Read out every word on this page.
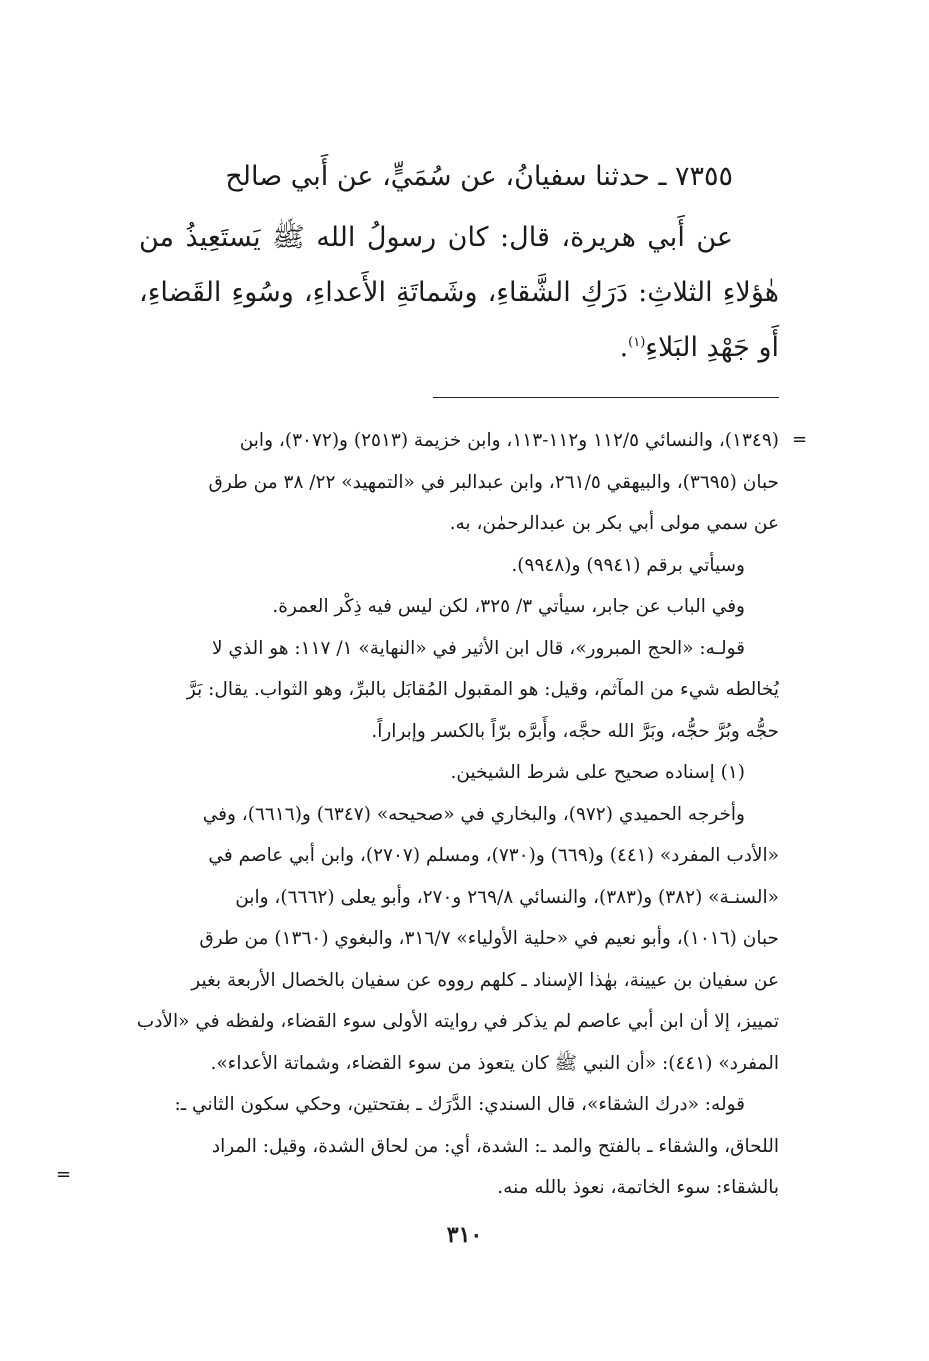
٧٣٥٥ ـ حدثنا سفيانُ، عن سُمَيٍّ، عن أَبي صالح

عن أَبي هريرة، قال: كان رسولُ الله ﷺ يَستَعِيذُ من هٰؤلاءِ الثلاثِ: دَرَكِ الشَّقاءِ، وشَماتَةِ الأَعداءِ، وسُوءِ القَضاءِ، أَو جَهْدِ البَلاءِ$^{(١)}$.

=

(١٣٤٩)، والنسائي ١١٢/٥ و١١٢-١١٣، وابن خزيمة (٢٥١٣) و(٣٠٧٢)، وابن

حبان (٣٦٩٥)، والبيهقي ٢٦١/٥، وابن عبدالبر في «التمهيد» ٢٢/ ٣٨ من طرق

عن سمي مولى أبي بكر بن عبدالرحمٰن، به.

وسيأتي برقم (٩٩٤١) و(٩٩٤٨).

وفي الباب عن جابر، سيأتي ٣/ ٣٢٥، لكن ليس فيه ذِكْر العمرة.

قولـه: «الحج المبرور»، قال ابن الأثير في «النهاية» ١/ ١١٧: هو الذي لا

يُخالطه شيء من المآثم، وقيل: هو المقبول المُقابَل بالبرِّ، وهو الثواب. يقال: بَرَّ

حجُّه وبُرَّ حجُّه، وبَرَّ الله حجَّه، وأَبرَّه برّاً بالكسر وإبراراً.

(١) إسناده صحيح على شرط الشيخين.

وأخرجه الحميدي (٩٧٢)، والبخاري في «صحيحه» (٦٣٤٧) و(٦٦١٦)، وفي

«الأدب المفرد» (٤٤١) و(٦٦٩) و(٧٣٠)، ومسلم (٢٧٠٧)، وابن أبي عاصم في

«السنـة» (٣٨٢) و(٣٨٣)، والنسائي ٢٦٩/٨ و٢٧٠، وأبو يعلى (٦٦٦٢)، وابن

حبان (١٠١٦)، وأبو نعيم في «حلية الأولياء» ٣١٦/٧، والبغوي (١٣٦٠) من طرق

عن سفيان بن عيينة، بهٰذا الإسناد ـ كلهم رووه عن سفيان بالخصال الأربعة بغير

تمييز، إلا أن ابن أبي عاصم لم يذكر في روايته الأولى سوء القضاء، ولفظه في «الأدب

المفرد» (٤٤١): «أن النبي ﷺ كان يتعوذ من سوء القضاء، وشماتة الأعداء».

قوله: «درك الشقاء»، قال السندي: الدَّرَك ـ بفتحتين، وحكي سكون الثاني ـ:

اللحاق، والشقاء ـ بالفتح والمد ـ: الشدة، أي: من لحاق الشدة، وقيل: المراد

بالشقاء: سوء الخاتمة، نعوذ بالله منه.

=
٣١٠
